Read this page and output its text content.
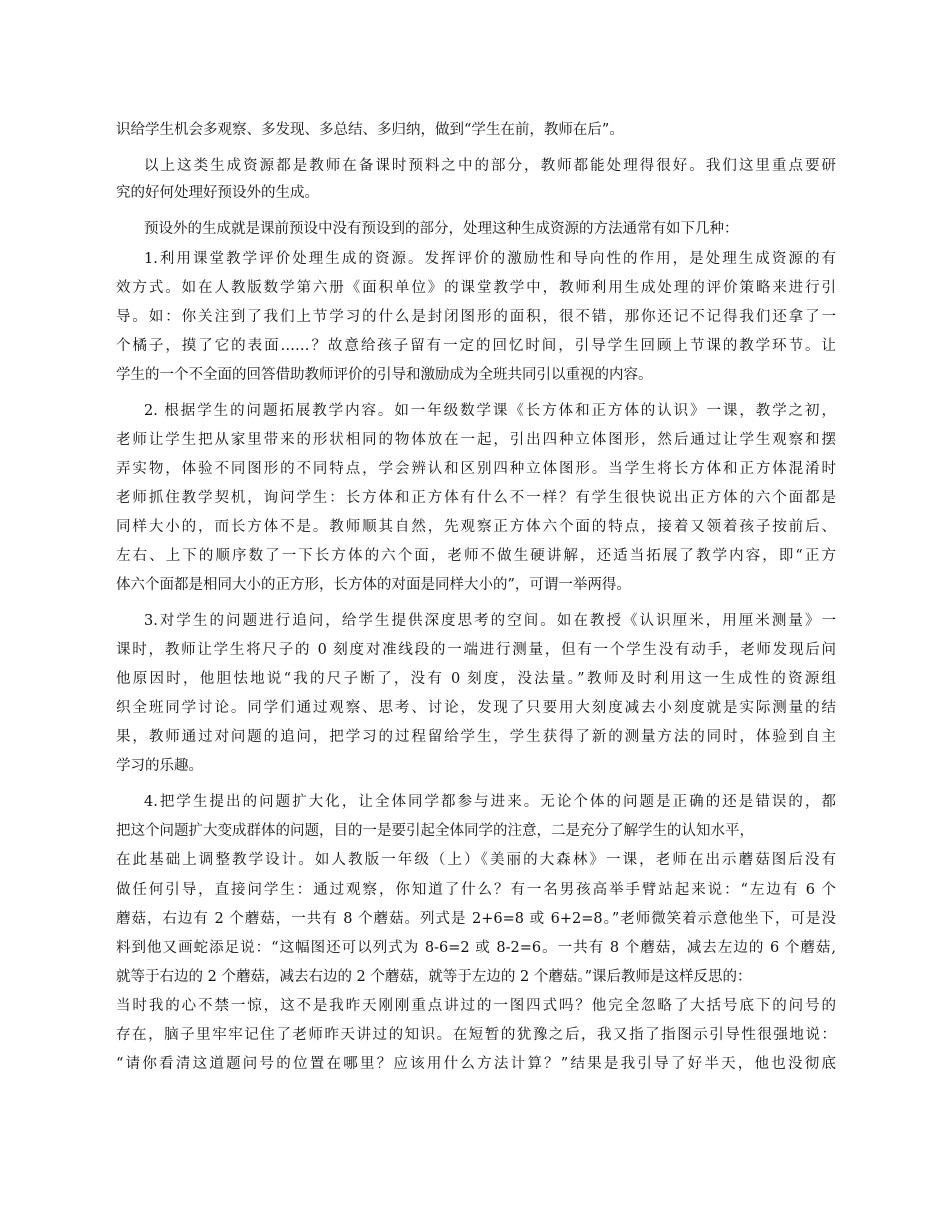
识给学生机会多观察、多发现、多总结、多归纳，做到“学生在前，教师在后”。
以上这类生成资源都是教师在备课时预料之中的部分，教师都能处理得很好。我们这里重点要研
究的好何处理好预设外的生成。
预设外的生成就是课前预设中没有预设到的部分，处理这种生成资源的方法通常有如下几种：
1.利用课堂教学评价处理生成的资源。发挥评价的激励性和导向性的作用，是处理生成资源的有
效方式。如在人教版数学第六册《面积单位》的课堂教学中，教师利用生成处理的评价策略来进行引
导。如：你关注到了我们上节学习的什么是封闭图形的面积，很不错，那你还记不记得我们还拿了一
个橘子，摸了它的表面……？故意给孩子留有一定的回忆时间，引导学生回顾上节课的教学环节。让
学生的一个不全面的回答借助教师评价的引导和激励成为全班共同引以重视的内容。
2. 根据学生的问题拓展教学内容。如一年级数学课《长方体和正方体的认识》一课，教学之初，
老师让学生把从家里带来的形状相同的物体放在一起，引出四种立体图形，然后通过让学生观察和摆
弄实物，体验不同图形的不同特点，学会辨认和区别四种立体图形。当学生将长方体和正方体混淆时
老师抓住教学契机，询问学生：长方体和正方体有什么不一样？有学生很快说出正方体的六个面都是
同样大小的，而长方体不是。教师顺其自然，先观察正方体六个面的特点，接着又领着孩子按前后、
左右、上下的顺序数了一下长方体的六个面，老师不做生硬讲解，还适当拓展了教学内容，即“正方
体六个面都是相同大小的正方形，长方体的对面是同样大小的”，可谓一举两得。
3.对学生的问题进行追问，给学生提供深度思考的空间。如在教授《认识厘米，用厘米测量》一
课时，教师让学生将尺子的 0 刻度对准线段的一端进行测量，但有一个学生没有动手，老师发现后问
他原因时，他胆怯地说“我的尺子断了，没有 0 刻度，没法量。”教师及时利用这一生成性的资源组
织全班同学讨论。同学们通过观察、思考、讨论，发现了只要用大刻度减去小刻度就是实际测量的结
果，教师通过对问题的追问，把学习的过程留给学生，学生获得了新的测量方法的同时，体验到自主
学习的乐趣。
4.把学生提出的问题扩大化，让全体同学都参与进来。无论个体的问题是正确的还是错误的，都
把这个问题扩大变成群体的问题，目的一是要引起全体同学的注意，二是充分了解学生的认知水平，
在此基础上调整教学设计。如人教版一年级（上）《美丽的大森林》一课，老师在出示蘑菇图后没有
做任何引导，直接问学生：通过观察，你知道了什么？有一名男孩高举手臂站起来说：“左边有 6 个
蘑菇，右边有 2 个蘑菇，一共有 8 个蘑菇。列式是 2+6=8 或 6+2=8。”老师微笑着示意他坐下，可是没
料到他又画蛇添足说：“这幅图还可以列式为 8-6=2 或 8-2=6。一共有 8 个蘑菇，减去左边的 6 个蘑菇,
就等于右边的 2 个蘑菇，减去右边的 2 个蘑菇，就等于左边的 2 个蘑菇。”课后教师是这样反思的：
当时我的心不禁一惊，这不是我昨天刚刚重点讲过的一图四式吗？他完全忽略了大括号底下的问号的
存在，脑子里牢牢记住了老师昨天讲过的知识。在短暂的犹豫之后，我又指了指图示引导性很强地说：
“请你看清这道题问号的位置在哪里？应该用什么方法计算？”结果是我引导了好半天，他也没彻底
